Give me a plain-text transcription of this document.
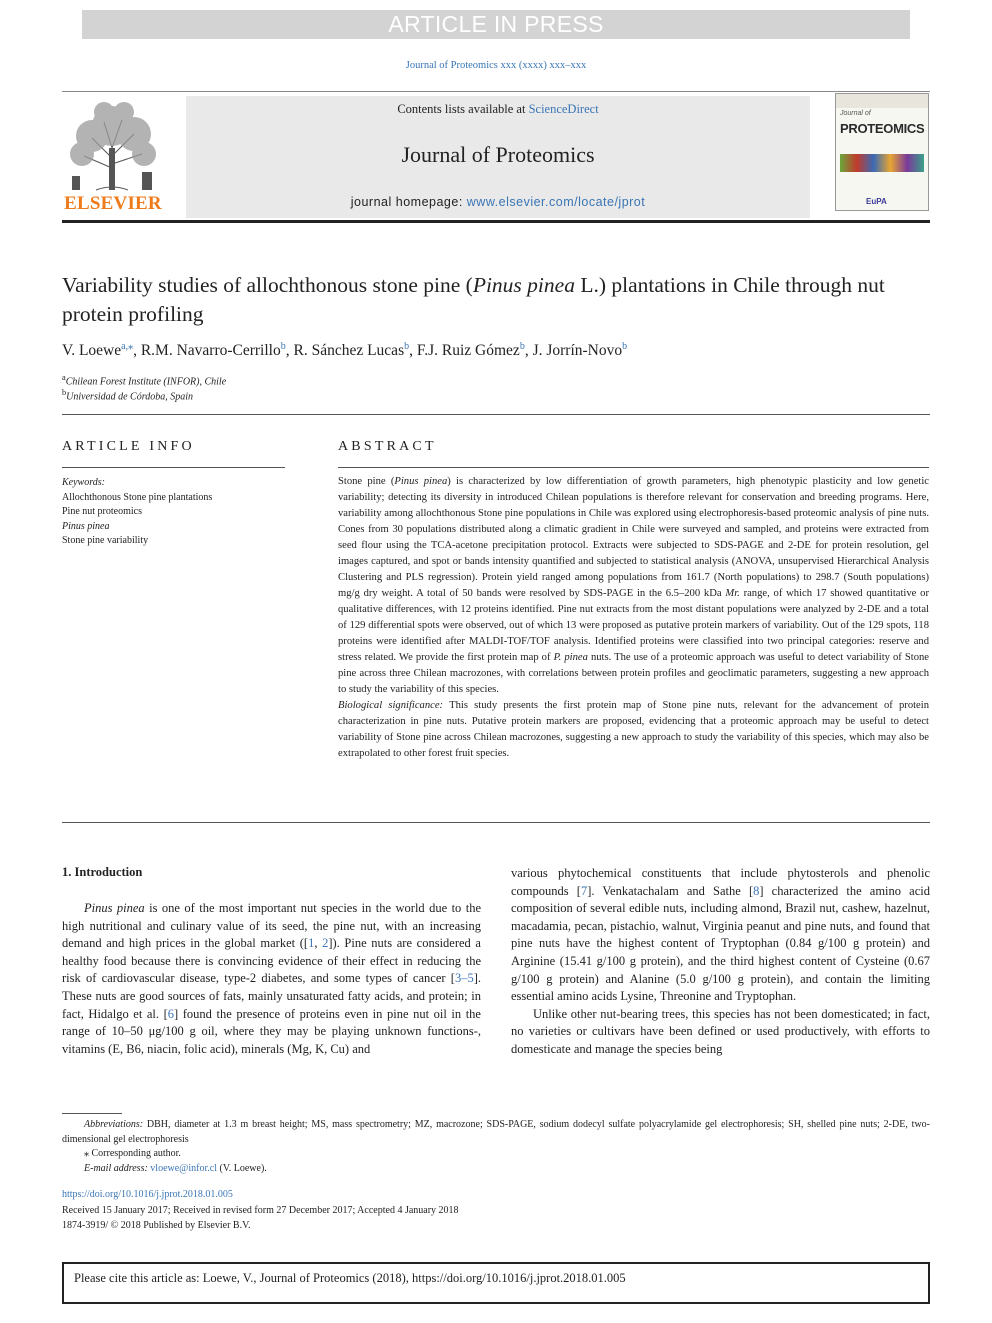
ARTICLE IN PRESS
Journal of Proteomics xxx (xxxx) xxx–xxx
ELSEVIER
Contents lists available at ScienceDirect
Journal of Proteomics
journal homepage: www.elsevier.com/locate/jprot
Journal of
PROTEOMICS
EuPA
Variability studies of allochthonous stone pine (Pinus pinea L.) plantations in Chile through nut protein profiling
V. Loewe$^{a,⁎}$, R.M. Navarro-Cerrillo$^b$, R. Sánchez Lucas$^b$, F.J. Ruiz Gómez$^b$, J. Jorrín-Novo$^b$
$^a$Chilean Forest Institute (INFOR), Chile
$^b$Universidad de Córdoba, Spain
ARTICLE INFO	ABSTRACT
Keywords:
Allochthonous Stone pine plantations
Pine nut proteomics
Pinus pinea
Stone pine variability

Stone pine (Pinus pinea) is characterized by low differentiation of growth parameters, high phenotypic plasticity and low genetic variability; detecting its diversity in introduced Chilean populations is therefore relevant for conservation and breeding programs. Here, variability among allochthonous Stone pine populations in Chile was explored using electrophoresis-based proteomic analysis of pine nuts. Cones from 30 populations distributed along a climatic gradient in Chile were surveyed and sampled, and proteins were extracted from seed flour using the TCA-acetone precipitation protocol. Extracts were subjected to SDS-PAGE and 2-DE for protein resolution, gel images captured, and spot or bands intensity quantified and subjected to statistical analysis (ANOVA, unsupervised Hierarchical Analysis Clustering and PLS regression). Protein yield ranged among populations from 161.7 (North populations) to 298.7 (South populations) mg/g dry weight. A total of 50 bands were resolved by SDS-PAGE in the 6.5–200 kDa Mr. range, of which 17 showed quantitative or qualitative differences, with 12 proteins identified. Pine nut extracts from the most distant populations were analyzed by 2-DE and a total of 129 differential spots were observed, out of which 13 were proposed as putative protein markers of variability. Out of the 129 spots, 118 proteins were identified after MALDI-TOF/TOF analysis. Identified proteins were classified into two principal categories: reserve and stress related. We provide the first protein map of P. pinea nuts. The use of a proteomic approach was useful to detect variability of Stone pine across three Chilean macrozones, with correlations between protein profiles and geoclimatic parameters, suggesting a new approach to study the variability of this species.

Biological significance: This study presents the first protein map of Stone pine nuts, relevant for the advancement of protein characterization in pine nuts. Putative protein markers are proposed, evidencing that a proteomic approach may be useful to detect variability of Stone pine across Chilean macrozones, suggesting a new approach to study the variability of this species, which may also be extrapolated to other forest fruit species.

1. Introduction

Pinus pinea is one of the most important nut species in the world due to the high nutritional and culinary value of its seed, the pine nut, with an increasing demand and high prices in the global market ([1, 2]). Pine nuts are considered a healthy food because there is convincing evidence of their effect in reducing the risk of cardiovascular disease, type-2 diabetes, and some types of cancer [3–5]. These nuts are good sources of fats, mainly unsaturated fatty acids, and protein; in fact, Hidalgo et al. [6] found the presence of proteins even in pine nut oil in the range of 10–50 μg/100 g oil, where they may be playing unknown functions-, vitamins (E, B6, niacin, folic acid), minerals (Mg, K, Cu) and

various phytochemical constituents that include phytosterols and phenolic compounds [7]. Venkatachalam and Sathe [8] characterized the amino acid composition of several edible nuts, including almond, Brazil nut, cashew, hazelnut, macadamia, pecan, pistachio, walnut, Virginia peanut and pine nuts, and found that pine nuts have the highest content of Tryptophan (0.84 g/100 g protein) and Arginine (15.41 g/100 g protein), and the third highest content of Cysteine (0.67 g/100 g protein) and Alanine (5.0 g/100 g protein), and contain the limiting essential amino acids Lysine, Threonine and Tryptophan.

Unlike other nut-bearing trees, this species has not been domesticated; in fact, no varieties or cultivars have been defined or used productively, with efforts to domesticate and manage the species being

Abbreviations: DBH, diameter at 1.3 m breast height; MS, mass spectrometry; MZ, macrozone; SDS-PAGE, sodium dodecyl sulfate polyacrylamide gel electrophoresis; SH, shelled pine nuts; 2-DE, two-dimensional gel electrophoresis
⁎ Corresponding author.
E-mail address: vloewe@infor.cl (V. Loewe).
https://doi.org/10.1016/j.jprot.2018.01.005
Received 15 January 2017; Received in revised form 27 December 2017; Accepted 4 January 2018
1874-3919/ © 2018 Published by Elsevier B.V.
Please cite this article as: Loewe, V., Journal of Proteomics (2018), https://doi.org/10.1016/j.jprot.2018.01.005
